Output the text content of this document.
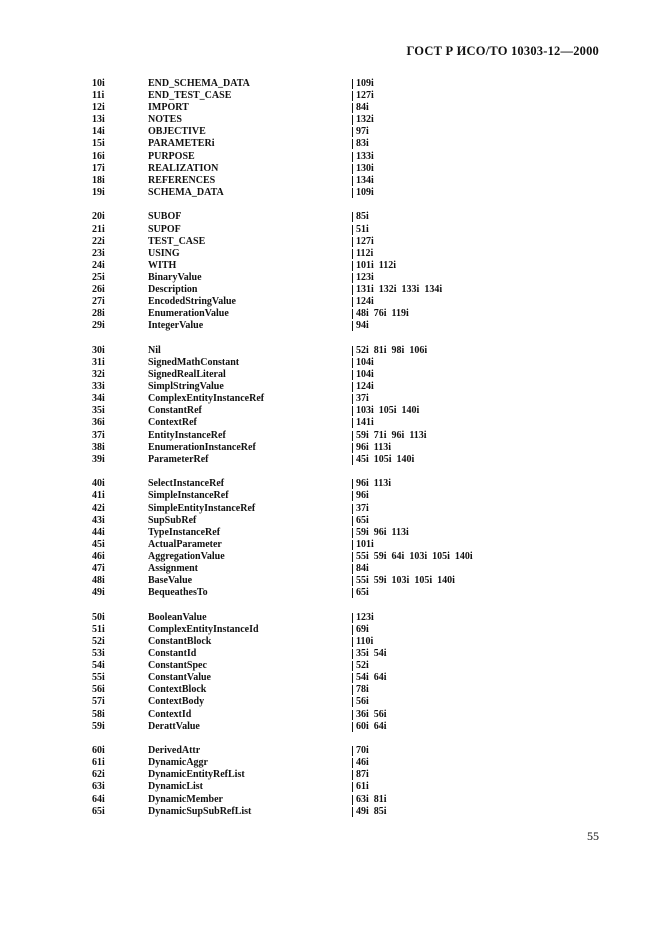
ГОСТ Р ИСО/ТО 10303-12—2000
10i	END_SCHEMA_DATA	109i
11i	END_TEST_CASE	127i
12i	IMPORT	84i
13i	NOTES	132i
14i	OBJECTIVE	97i
15i	PARAMETERi	83i
16i	PURPOSE	133i
17i	REALIZATION	130i
18i	REFERENCES	134i
19i	SCHEMA_DATA	109i
20i	SUBOF	85i
21i	SUPOF	51i
22i	TEST_CASE	127i
23i	USING	112i
24i	WITH	101i  112i
25i	BinaryValue	123i
26i	Description	131i  132i  133i  134i
27i	EncodedStringValue	124i
28i	EnumerationValue	48i  76i  119i
29i	IntegerValue	94i
30i	Nil	52i  81i  98i  106i
31i	SignedMathConstant	104i
32i	SignedRealLiteral	104i
33i	SimplStringValue	124i
34i	ComplexEntityInstanceRef	37i
35i	ConstantRef	103i  105i  140i
36i	ContextRef	141i
37i	EntityInstanceRef	59i  71i  96i  113i
38i	EnumerationInstanceRef	96i  113i
39i	ParameterRef	45i  105i  140i
40i	SelectInstanceRef	96i  113i
41i	SimpleInstanceRef	96i
42i	SimpleEntityInstanceRef	37i
43i	SupSubRef	65i
44i	TypeInstanceRef	59i  96i  113i
45i	ActualParameter	101i
46i	AggregationValue	55i  59i  64i  103i  105i  140i
47i	Assignment	84i
48i	BaseValue	55i  59i  103i  105i  140i
49i	BequeathesTo	65i
50i	BooleanValue	123i
51i	ComplexEntityInstanceId	69i
52i	ConstantBlock	110i
53i	ConstantId	35i  54i
54i	ConstantSpec	52i
55i	ConstantValue	54i  64i
56i	ContextBlock	78i
57i	ContextBody	56i
58i	ContextId	36i  56i
59i	DerattValue	60i  64i
60i	DerivedAttr	70i
61i	DynamicAggr	46i
62i	DynamicEntityRefList	87i
63i	DynamicList	61i
64i	DynamicMember	63i  81i
65i	DynamicSupSubRefList	49i  85i
55
